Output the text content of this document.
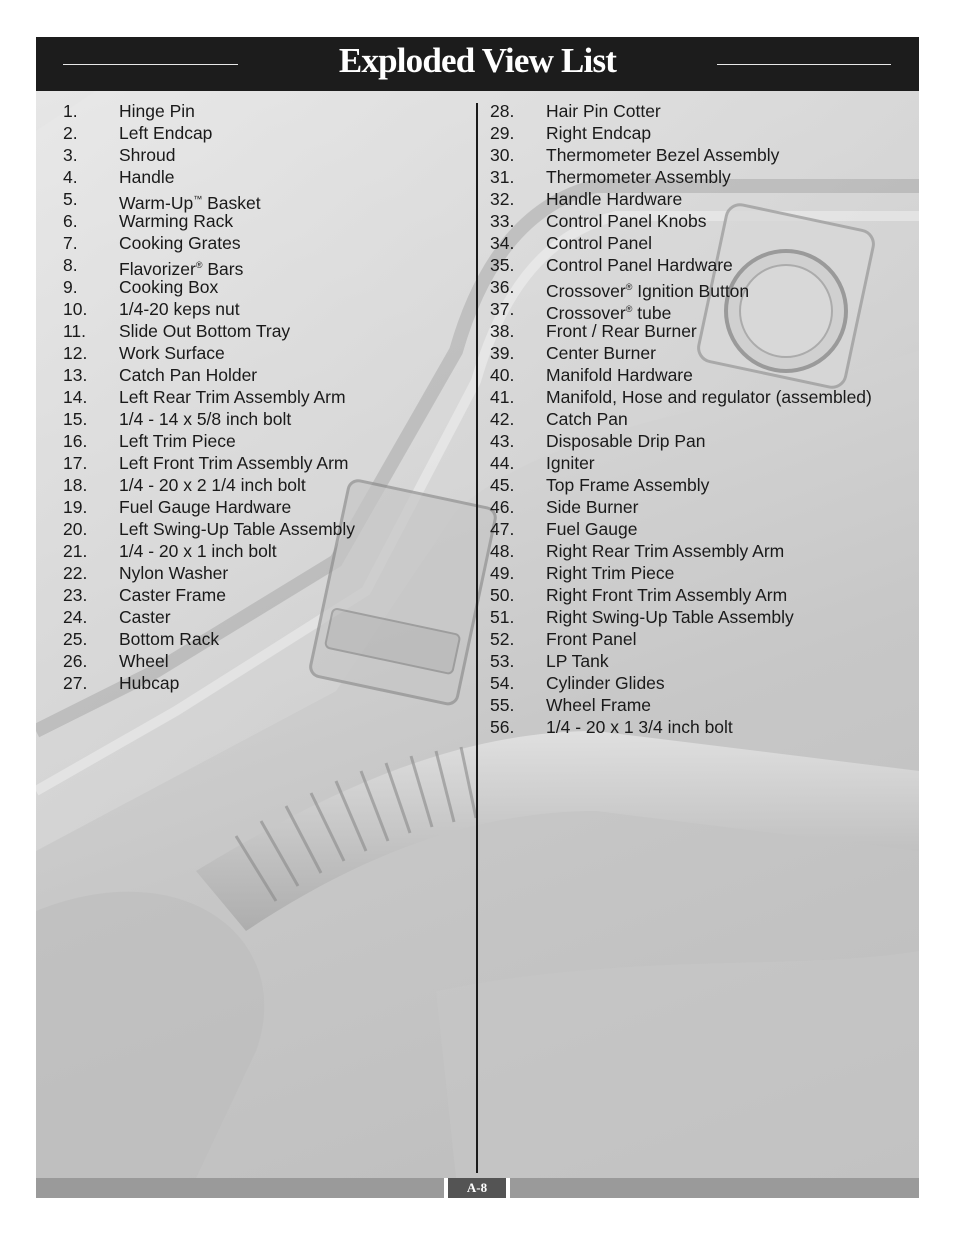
Exploded View List
1.	Hinge Pin
2.	Left Endcap
3.	Shroud
4.	Handle
5.	Warm-Up™ Basket
6.	Warming Rack
7.	Cooking Grates
8.	Flavorizer® Bars
9.	Cooking Box
10.	1/4-20 keps nut
11.	Slide Out Bottom Tray
12.	Work Surface
13.	Catch Pan Holder
14.	Left Rear Trim Assembly Arm
15.	1/4 - 14 x 5/8 inch bolt
16.	Left Trim Piece
17.	Left Front Trim Assembly Arm
18.	1/4 - 20 x 2 1/4 inch bolt
19.	Fuel Gauge Hardware
20.	Left Swing-Up Table Assembly
21.	1/4 - 20 x 1 inch bolt
22.	Nylon Washer
23.	Caster Frame
24.	Caster
25.	Bottom Rack
26.	Wheel
27.	Hubcap
28.	Hair Pin Cotter
29.	Right Endcap
30.	Thermometer Bezel Assembly
31.	Thermometer Assembly
32.	Handle Hardware
33.	Control Panel Knobs
34.	Control Panel
35.	Control Panel Hardware
36.	Crossover® Ignition Button
37.	Crossover® tube
38.	Front / Rear Burner
39.	Center Burner
40.	Manifold Hardware
41.	Manifold, Hose and regulator (assembled)
42.	Catch Pan
43.	Disposable Drip Pan
44.	Igniter
45.	Top Frame Assembly
46.	Side Burner
47.	Fuel Gauge
48.	Right Rear Trim Assembly Arm
49.	Right Trim Piece
50.	Right Front Trim Assembly Arm
51.	Right Swing-Up Table Assembly
52.	Front Panel
53.	LP Tank
54.	Cylinder Glides
55.	Wheel Frame
56.	1/4 - 20 x 1 3/4 inch bolt
A-8
